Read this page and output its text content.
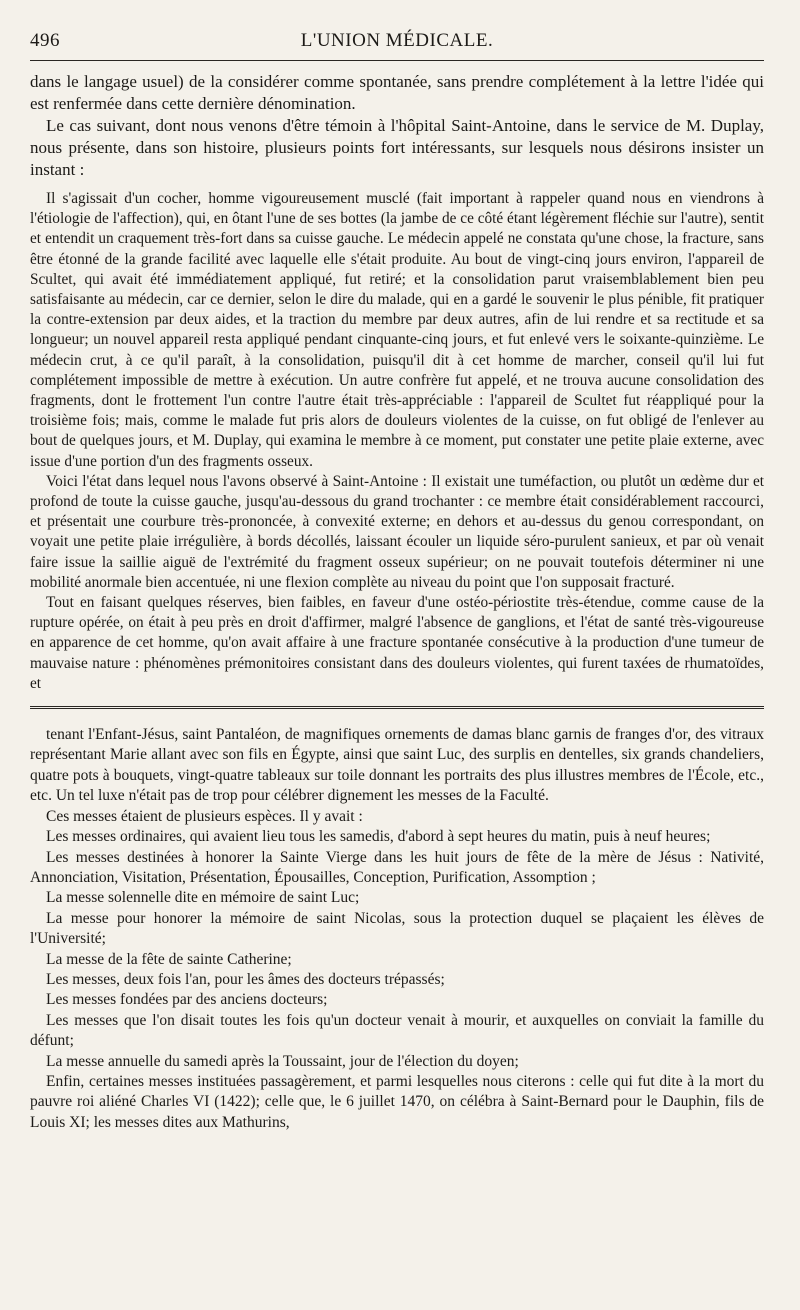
496	L'UNION MÉDICALE.

dans le langage usuel) de la considérer comme spontanée, sans prendre complétement à la lettre l'idée qui est renfermée dans cette dernière dénomination.

Le cas suivant, dont nous venons d'être témoin à l'hôpital Saint-Antoine, dans le service de M. Duplay, nous présente, dans son histoire, plusieurs points fort intéressants, sur lesquels nous désirons insister un instant :

Il s'agissait d'un cocher, homme vigoureusement musclé (fait important à rappeler quand nous en viendrons à l'étiologie de l'affection), qui, en ôtant l'une de ses bottes (la jambe de ce côté étant légèrement fléchie sur l'autre), sentit et entendit un craquement très-fort dans sa cuisse gauche. Le médecin appelé ne constata qu'une chose, la fracture, sans être étonné de la grande facilité avec laquelle elle s'était produite. Au bout de vingt-cinq jours environ, l'appareil de Scultet, qui avait été immédiatement appliqué, fut retiré; et la consolidation parut vraisemblablement bien peu satisfaisante au médecin, car ce dernier, selon le dire du malade, qui en a gardé le souvenir le plus pénible, fit pratiquer la contre-extension par deux aides, et la traction du membre par deux autres, afin de lui rendre et sa rectitude et sa longueur; un nouvel appareil resta appliqué pendant cinquante-cinq jours, et fut enlevé vers le soixante-quinzième. Le médecin crut, à ce qu'il paraît, à la consolidation, puisqu'il dit à cet homme de marcher, conseil qu'il lui fut complétement impossible de mettre à exécution. Un autre confrère fut appelé, et ne trouva aucune consolidation des fragments, dont le frottement l'un contre l'autre était très-appréciable : l'appareil de Scultet fut réappliqué pour la troisième fois; mais, comme le malade fut pris alors de douleurs violentes de la cuisse, on fut obligé de l'enlever au bout de quelques jours, et M. Duplay, qui examina le membre à ce moment, put constater une petite plaie externe, avec issue d'une portion d'un des fragments osseux.

Voici l'état dans lequel nous l'avons observé à Saint-Antoine : Il existait une tuméfaction, ou plutôt un œdème dur et profond de toute la cuisse gauche, jusqu'au-dessous du grand trochanter : ce membre était considérablement raccourci, et présentait une courbure très-prononcée, à convexité externe; en dehors et au-dessus du genou correspondant, on voyait une petite plaie irrégulière, à bords décollés, laissant écouler un liquide séro-purulent sanieux, et par où venait faire issue la saillie aiguë de l'extrémité du fragment osseux supérieur; on ne pouvait toutefois déterminer ni une mobilité anormale bien accentuée, ni une flexion complète au niveau du point que l'on supposait fracturé.

Tout en faisant quelques réserves, bien faibles, en faveur d'une ostéo-périostite très-étendue, comme cause de la rupture opérée, on était à peu près en droit d'affirmer, malgré l'absence de ganglions, et l'état de santé très-vigoureuse en apparence de cet homme, qu'on avait affaire à une fracture spontanée consécutive à la production d'une tumeur de mauvaise nature : phénomènes prémonitoires consistant dans des douleurs violentes, qui furent taxées de rhumatoïdes, et

tenant l'Enfant-Jésus, saint Pantaléon, de magnifiques ornements de damas blanc garnis de franges d'or, des vitraux représentant Marie allant avec son fils en Égypte, ainsi que saint Luc, des surplis en dentelles, six grands chandeliers, quatre pots à bouquets, vingt-quatre tableaux sur toile donnant les portraits des plus illustres membres de l'École, etc., etc. Un tel luxe n'était pas de trop pour célébrer dignement les messes de la Faculté.

Ces messes étaient de plusieurs espèces. Il y avait :

Les messes ordinaires, qui avaient lieu tous les samedis, d'abord à sept heures du matin, puis à neuf heures;

Les messes destinées à honorer la Sainte Vierge dans les huit jours de fête de la mère de Jésus : Nativité, Annonciation, Visitation, Présentation, Épousailles, Conception, Purification, Assomption ;

La messe solennelle dite en mémoire de saint Luc;

La messe pour honorer la mémoire de saint Nicolas, sous la protection duquel se plaçaient les élèves de l'Université;

La messe de la fête de sainte Catherine;

Les messes, deux fois l'an, pour les âmes des docteurs trépassés;

Les messes fondées par des anciens docteurs;

Les messes que l'on disait toutes les fois qu'un docteur venait à mourir, et auxquelles on conviait la famille du défunt;

La messe annuelle du samedi après la Toussaint, jour de l'élection du doyen;

Enfin, certaines messes instituées passagèrement, et parmi lesquelles nous citerons : celle qui fut dite à la mort du pauvre roi aliéné Charles VI (1422); celle que, le 6 juillet 1470, on célébra à Saint-Bernard pour le Dauphin, fils de Louis XI; les messes dites aux Mathurins,
